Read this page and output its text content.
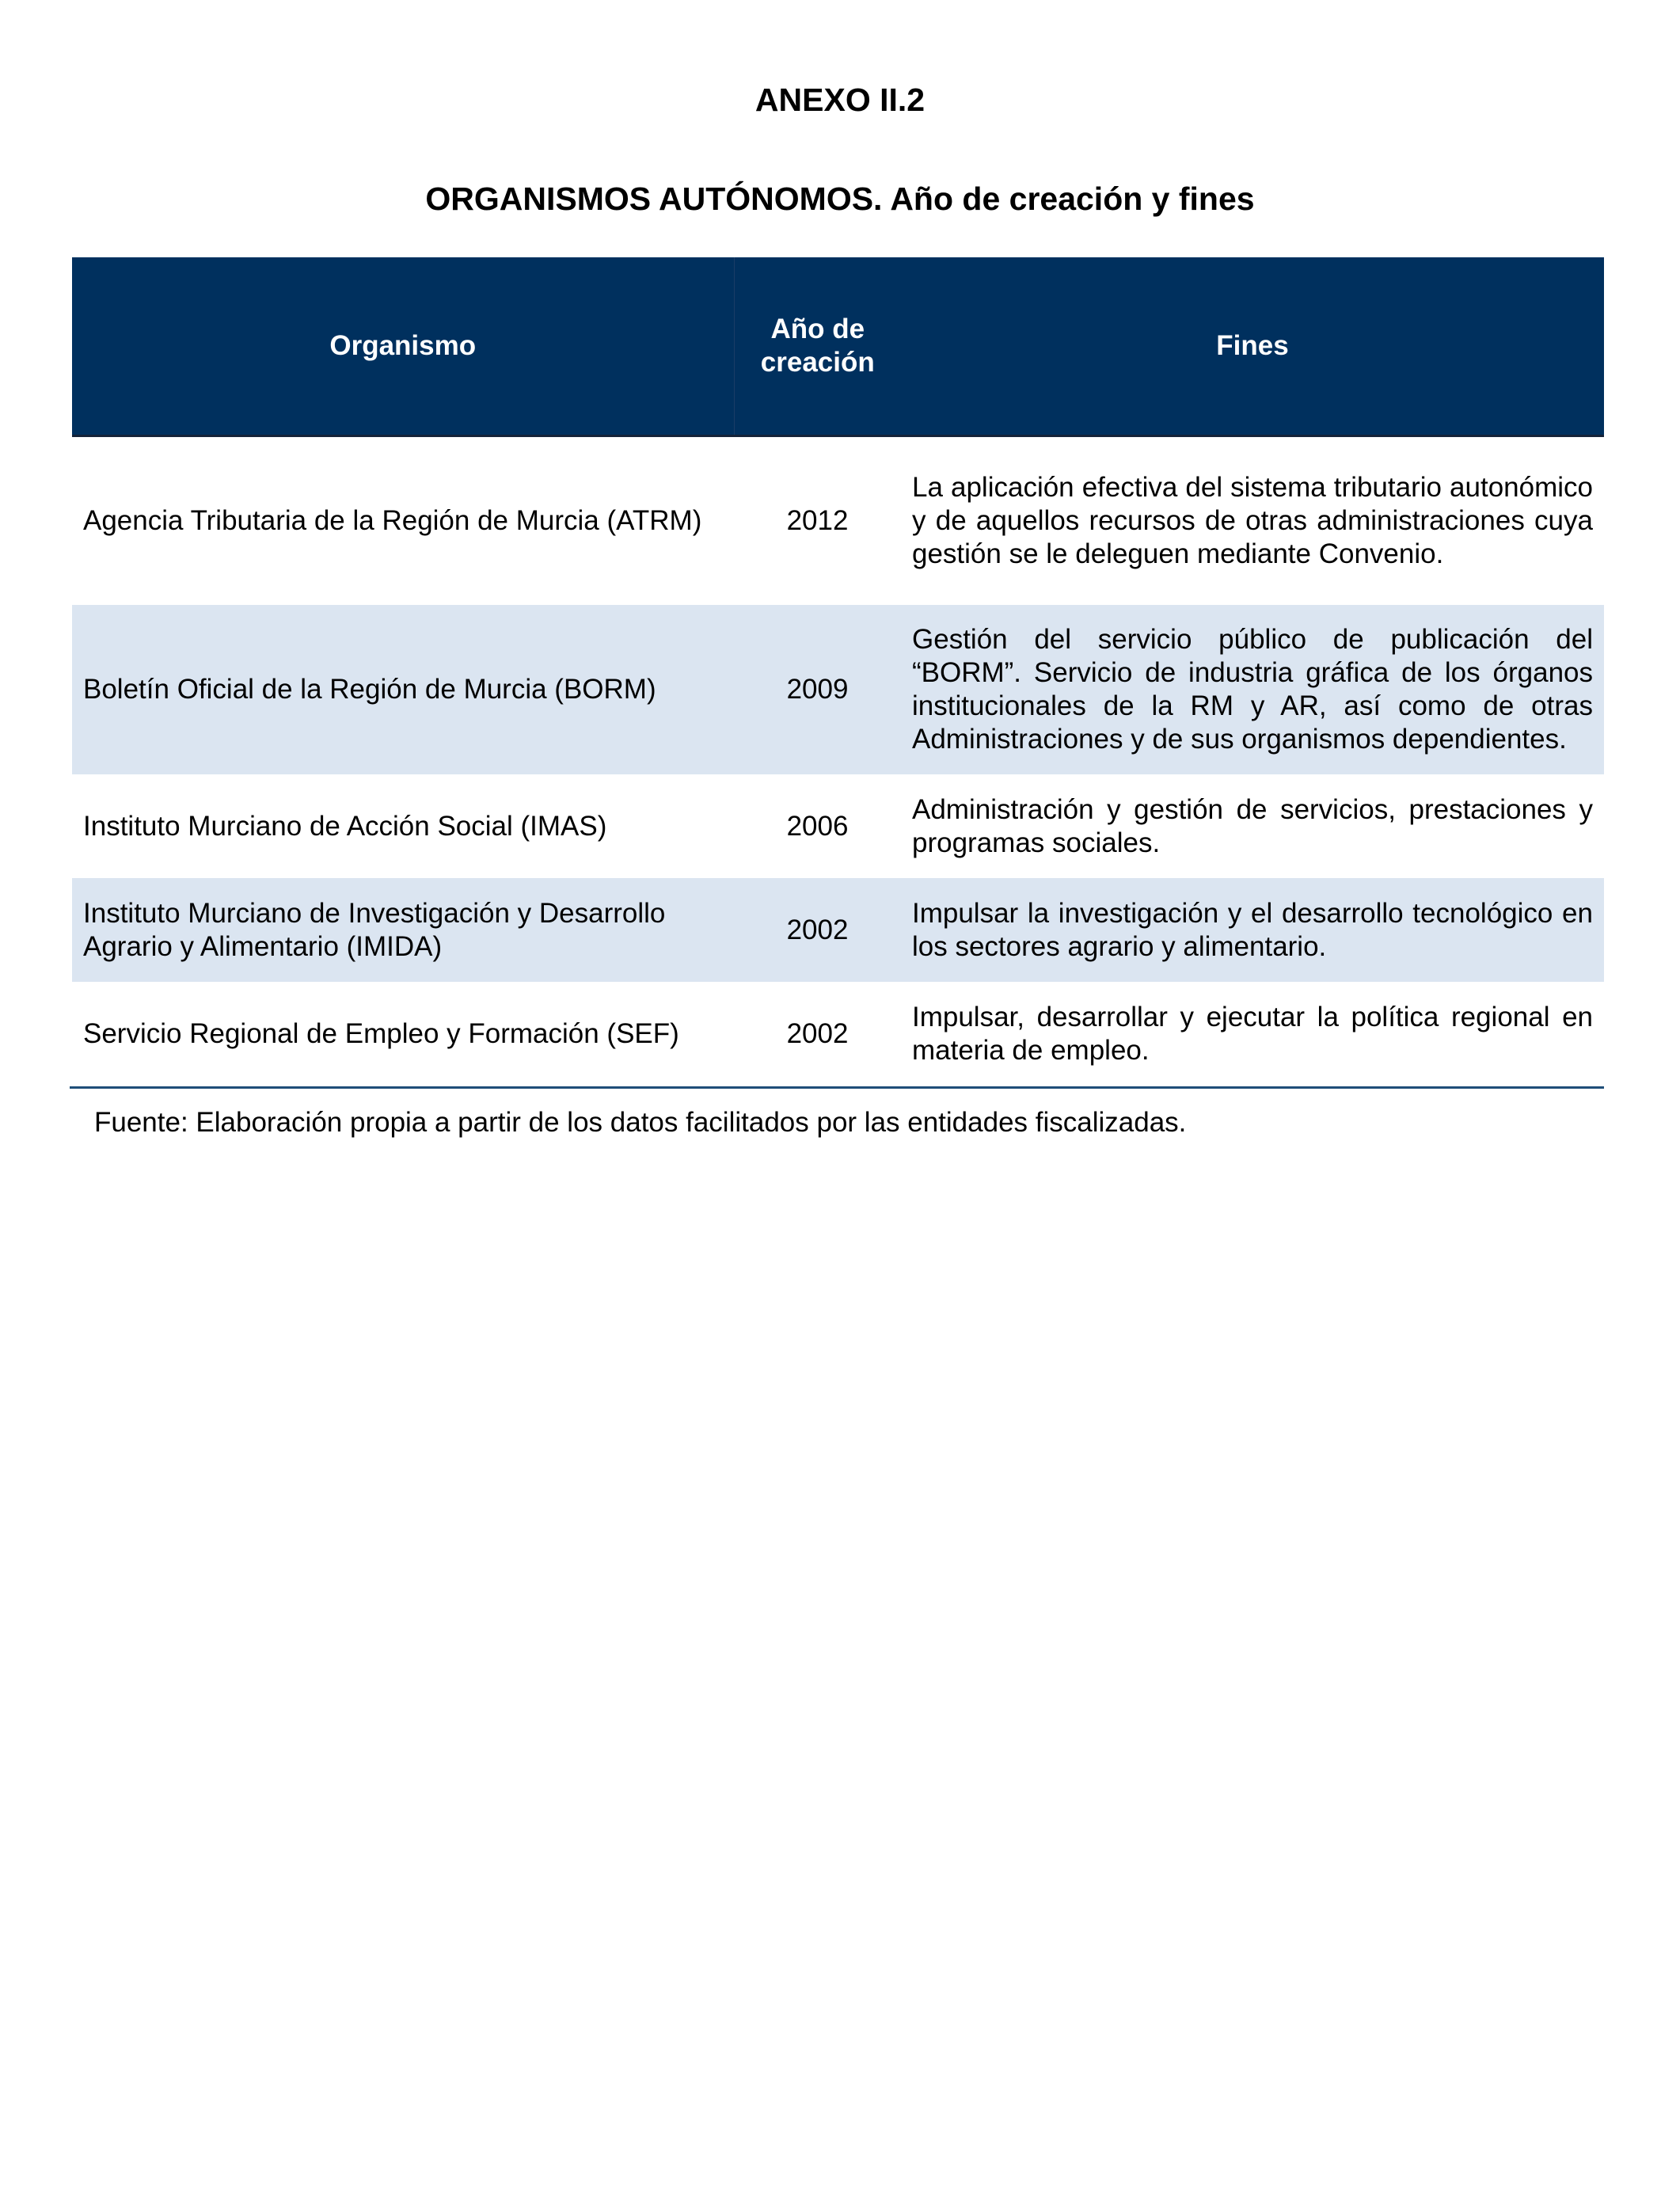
ANEXO II.2
ORGANISMOS AUTÓNOMOS. Año de creación y fines
Organismo	Año de creación	Fines
Agencia Tributaria de la Región de Murcia (ATRM)	2012	La aplicación efectiva del sistema tributario autonómico y de aquellos recursos de otras administraciones cuya gestión se le deleguen mediante Convenio.
Boletín Oficial de la Región de Murcia (BORM)	2009	Gestión del servicio público de publicación del “BORM”. Servicio de industria gráfica de los órganos institucionales de la RM y AR, así como de otras Administraciones y de sus organismos dependientes.
Instituto Murciano de Acción Social (IMAS)	2006	Administración y gestión de servicios, prestaciones y programas sociales.
Instituto Murciano de Investigación y Desarrollo Agrario y Alimentario (IMIDA)	2002	Impulsar la investigación y el desarrollo tecnológico en los sectores agrario y alimentario.
Servicio Regional de Empleo y Formación (SEF)	2002	Impulsar, desarrollar y ejecutar la política regional en materia de empleo.
Fuente: Elaboración propia a partir de los datos facilitados por las entidades fiscalizadas.
